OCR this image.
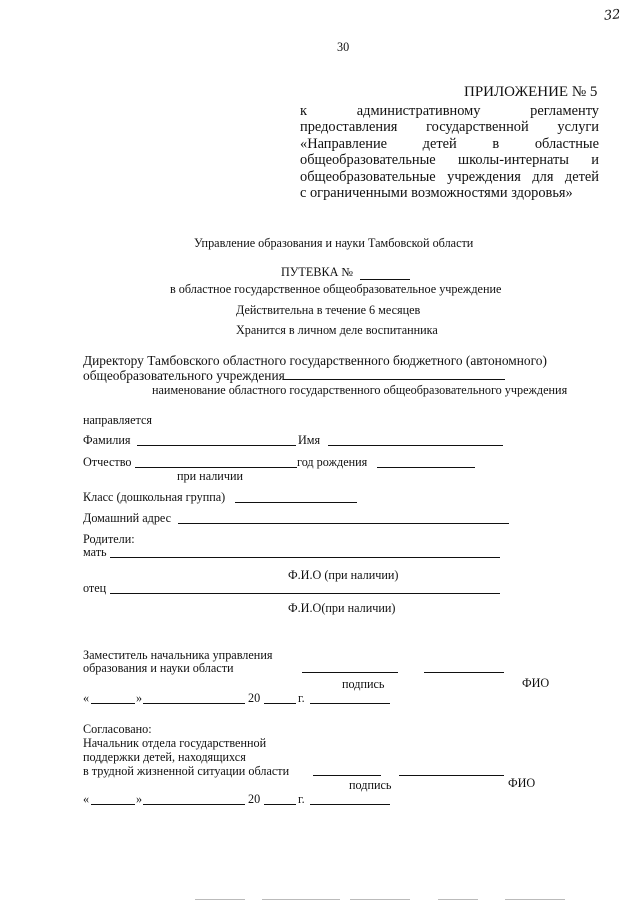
32
30
ПРИЛОЖЕНИЕ № 5
к административному регламенту
предоставления государственной услуги
«Направление детей в областные
общеобразовательные школы-интернаты и
общеобразовательные учреждения для детей
с ограниченными возможностями здоровья»
Управление образования и науки Тамбовской области
ПУТЕВКА №
в областное государственное общеобразовательное учреждение
Действительна в течение 6 месяцев
Хранится в личном деле воспитанника
Директору Тамбовского областного государственного бюджетного (автономного)
общеобразовательного учреждения
наименование областного государственного общеобразовательного учреждения
направляется
Фамилия	Имя
Отчество	год рождения
при наличии
Класс (дошкольная группа)
Домашний адрес
Родители:
мать
Ф.И.О (при наличии)
отец
Ф.И.О(при наличии)
Заместитель начальника управления
образования и науки области
подпись	ФИО
«	»	20	г.
Согласовано:
Начальник отдела государственной
поддержки детей, находящихся
в трудной жизненной ситуации области
подпись	ФИО
«	»	20	г.
